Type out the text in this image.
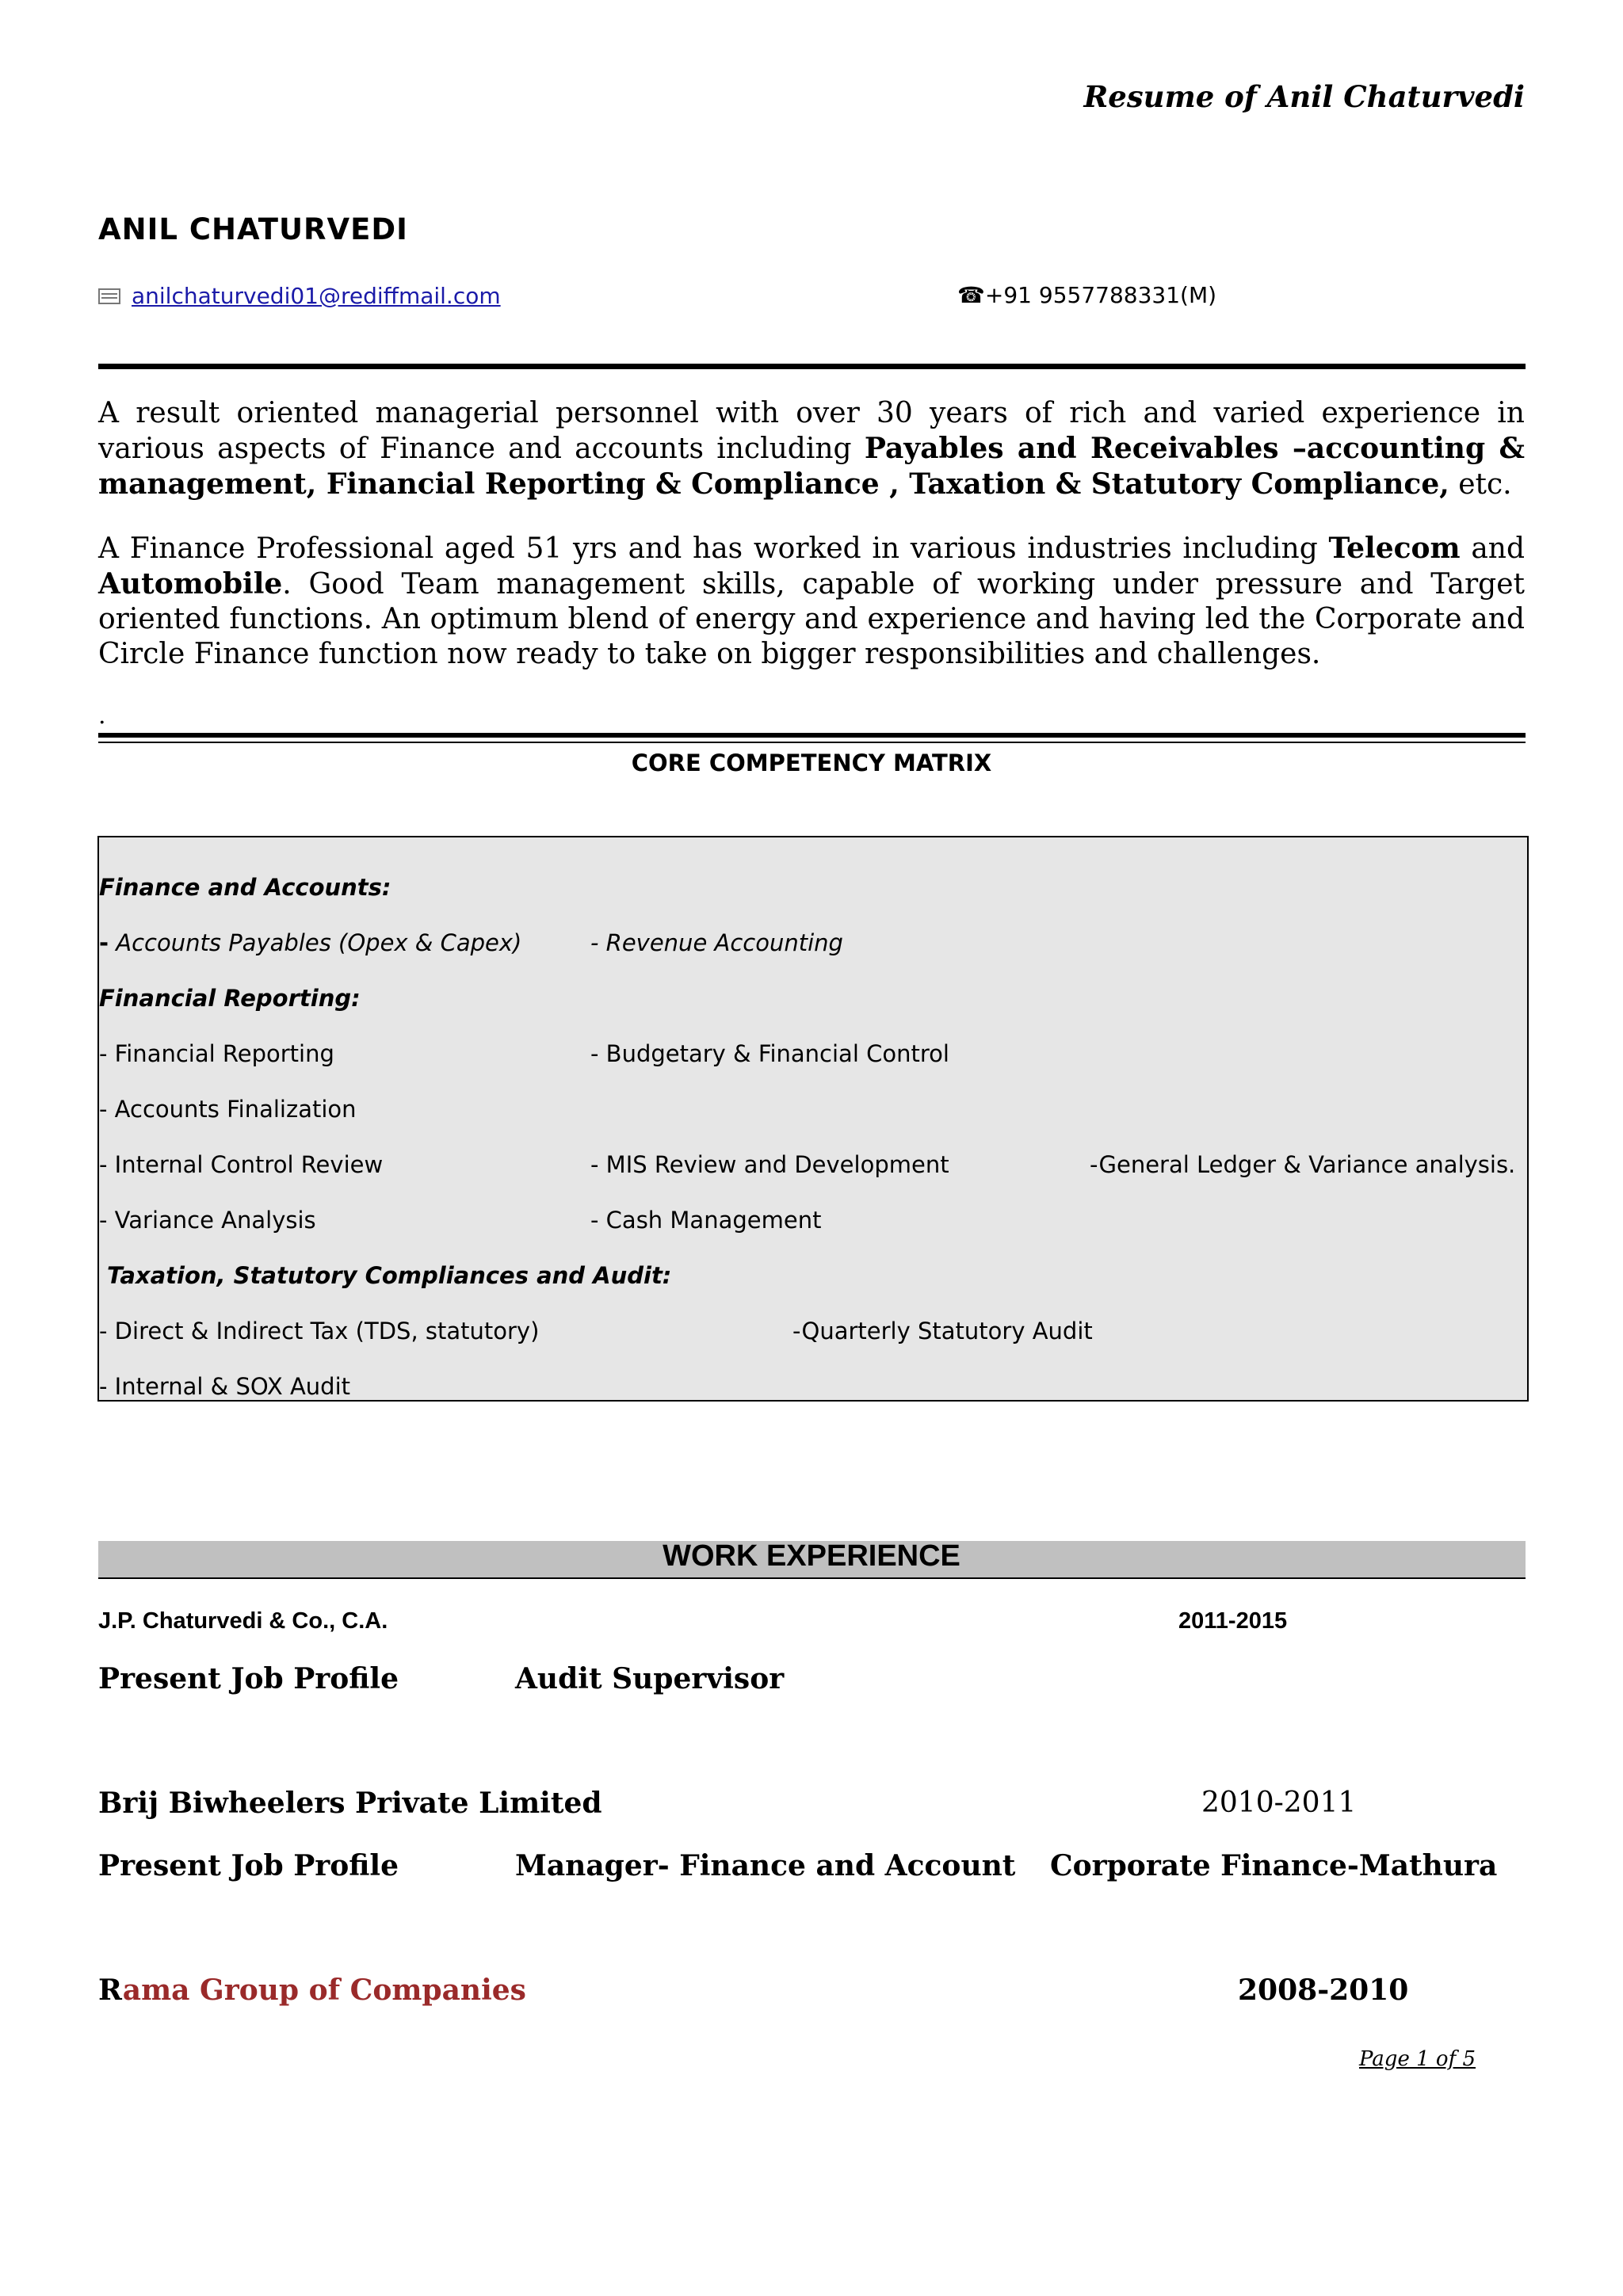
Resume of Anil Chaturvedi
ANIL CHATURVEDI
anilchaturvedi01@rediffmail.com	☎+91 9557788331(M)

A result oriented managerial personnel with over 30 years of rich and varied experience in various aspects of Finance and accounts including Payables and Receivables –accounting & management, Financial Reporting & Compliance , Taxation & Statutory Compliance, etc.

A Finance Professional aged 51 yrs and has worked in various industries including Telecom and Automobile. Good Team management skills, capable of working under pressure and Target oriented functions. An optimum blend of energy and experience and having led the Corporate and Circle Finance function now ready to take on bigger responsibilities and challenges.

.
CORE COMPETENCY MATRIX
Finance and Accounts:
- Accounts Payables (Opex & Capex)	- Revenue Accounting
Financial Reporting:
- Financial Reporting	- Budgetary & Financial Control
- Accounts Finalization
- Internal Control Review	- MIS Review and Development	-General Ledger & Variance analysis.
- Variance Analysis	- Cash Management
Taxation, Statutory Compliances and Audit:
- Direct & Indirect Tax (TDS, statutory)	-Quarterly Statutory Audit
- Internal & SOX Audit
WORK EXPERIENCE
J.P. Chaturvedi & Co., C.A.	2011-2015
Present Job Profile	Audit Supervisor
Brij Biwheelers Private Limited	2010-2011
Present Job Profile	Manager- Finance and Account Corporate Finance-Mathura
Rama Group of Companies	2008-2010
Page 1 of 5
